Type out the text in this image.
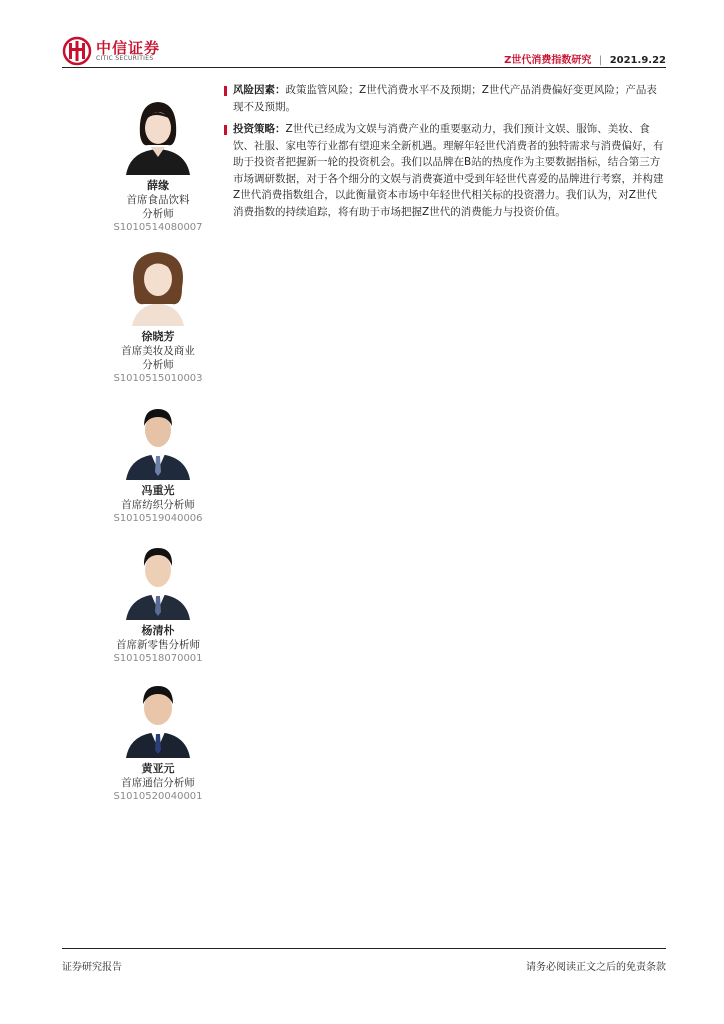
中信证券
CITIC SECURITIES	Z世代消费指数研究 | 2021.9.22
薛缘
首席食品饮料
分析师
S1010514080007
徐晓芳
首席美妆及商业
分析师
S1010515010003
冯重光
首席纺织分析师
S1010519040006
杨清朴
首席新零售分析师
S1010518070001
黄亚元
首席通信分析师
S1010520040001
风险因素：政策监管风险；Z世代消费水平不及预期；Z世代产品消费偏好变更风险；产品表现不及预期。
投资策略：Z世代已经成为文娱与消费产业的重要驱动力，我们预计文娱、服饰、美妆、食饮、社服、家电等行业都有望迎来全新机遇。理解年轻世代消费者的独特需求与消费偏好，有助于投资者把握新一轮的投资机会。我们以品牌在B站的热度作为主要数据指标，结合第三方市场调研数据，对于各个细分的文娱与消费赛道中受到年轻世代喜爱的品牌进行考察，并构建Z世代消费指数组合，以此衡量资本市场中年轻世代相关标的投资潜力。我们认为，对Z世代消费指数的持续追踪，将有助于市场把握Z世代的消费能力与投资价值。
证券研究报告	请务必阅读正文之后的免责条款
